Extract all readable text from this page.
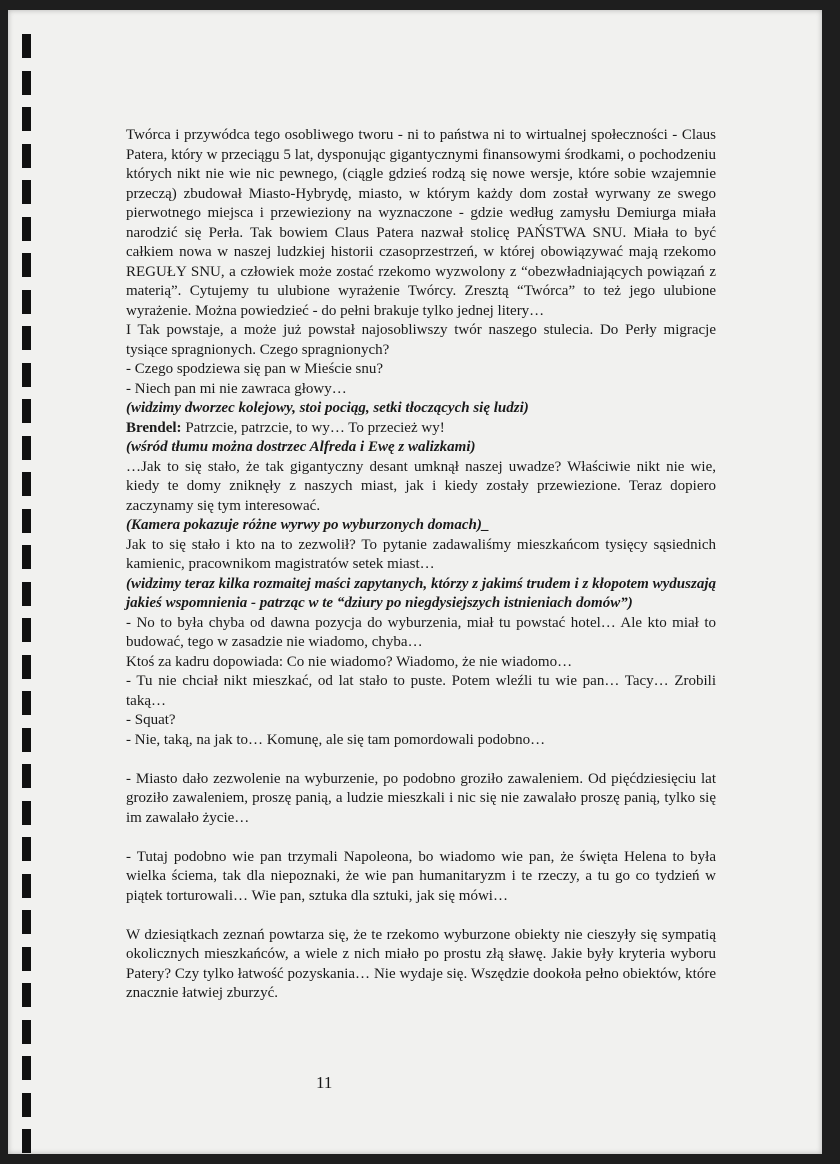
Twórca i przywódca tego osobliwego tworu - ni to państwa ni to wirtualnej społeczności - Claus Patera, który w przeciągu 5 lat, dysponując gigantycznymi finansowymi środkami, o pochodzeniu których nikt nie wie nic pewnego, (ciągle gdzieś rodzą się nowe wersje, które sobie wzajemnie przeczą) zbudował Miasto-Hybrydę, miasto, w którym każdy dom został wyrwany ze swego pierwotnego miejsca i przewieziony na wyznaczone - gdzie według zamysłu Demiurga miała narodzić się Perła. Tak bowiem Claus Patera nazwał stolicę PAŃSTWA SNU. Miała to być całkiem nowa w naszej ludzkiej historii czasoprzestrzeń, w której obowiązywać mają rzekomo REGUŁY SNU, a człowiek może zostać rzekomo wyzwolony z “obezwładniających powiązań z materią”. Cytujemy tu ulubione wyrażenie Twórcy. Zresztą “Twórca” to też jego ulubione wyrażenie. Można powiedzieć - do pełni brakuje tylko jednej litery…

I Tak powstaje, a może już powstał najosobliwszy twór naszego stulecia. Do Perły migracje tysiące spragnionych. Czego spragnionych?

- Czego spodziewa się pan w Mieście snu?

- Niech pan mi nie zawraca głowy…

(widzimy dworzec kolejowy, stoi pociąg, setki tłoczących się ludzi)

Brendel: Patrzcie, patrzcie, to wy… To przecież wy!

(wśród tłumu można dostrzec Alfreda i Ewę z walizkami)

…Jak to się stało, że tak gigantyczny desant umknął naszej uwadze? Właściwie nikt nie wie, kiedy te domy zniknęły z naszych miast, jak i kiedy zostały przewiezione. Teraz dopiero zaczynamy się tym interesować.

(Kamera pokazuje różne wyrwy po wyburzonych domach)_

Jak to się stało i kto na to zezwolił? To pytanie zadawaliśmy mieszkańcom tysięcy sąsiednich kamienic, pracownikom magistratów setek miast…

(widzimy teraz kilka rozmaitej maści zapytanych, którzy z jakimś trudem i z kłopotem wyduszają jakieś wspomnienia - patrząc w te “dziury po niegdysiejszych istnieniach domów”)

- No to była chyba od dawna pozycja do wyburzenia, miał tu powstać hotel… Ale kto miał to budować, tego w zasadzie nie wiadomo, chyba…

Ktoś za kadru dopowiada: Co nie wiadomo? Wiadomo, że nie wiadomo…

- Tu nie chciał nikt mieszkać, od lat stało to puste. Potem wleźli tu wie pan… Tacy… Zrobili taką…

- Squat?

- Nie, taką, na jak to… Komunę, ale się tam pomordowali podobno…

- Miasto dało zezwolenie na wyburzenie, po podobno groziło zawaleniem. Od pięćdziesięciu lat groziło zawaleniem, proszę panią, a ludzie mieszkali i nic się nie zawalało proszę panią, tylko się im zawalało życie…

- Tutaj podobno wie pan trzymali Napoleona, bo wiadomo wie pan, że święta Helena to była wielka ściema, tak dla niepoznaki, że wie pan humanitaryzm i te rzeczy, a tu go co tydzień w piątek torturowali… Wie pan, sztuka dla sztuki, jak się mówi…

W dziesiątkach zeznań powtarza się, że te rzekomo wyburzone obiekty nie cieszyły się sympatią okolicznych mieszkańców, a wiele z nich miało po prostu złą sławę. Jakie były kryteria wyboru Patery? Czy tylko łatwość pozyskania… Nie wydaje się. Wszędzie dookoła pełno obiektów, które znacznie łatwiej zburzyć.

11
